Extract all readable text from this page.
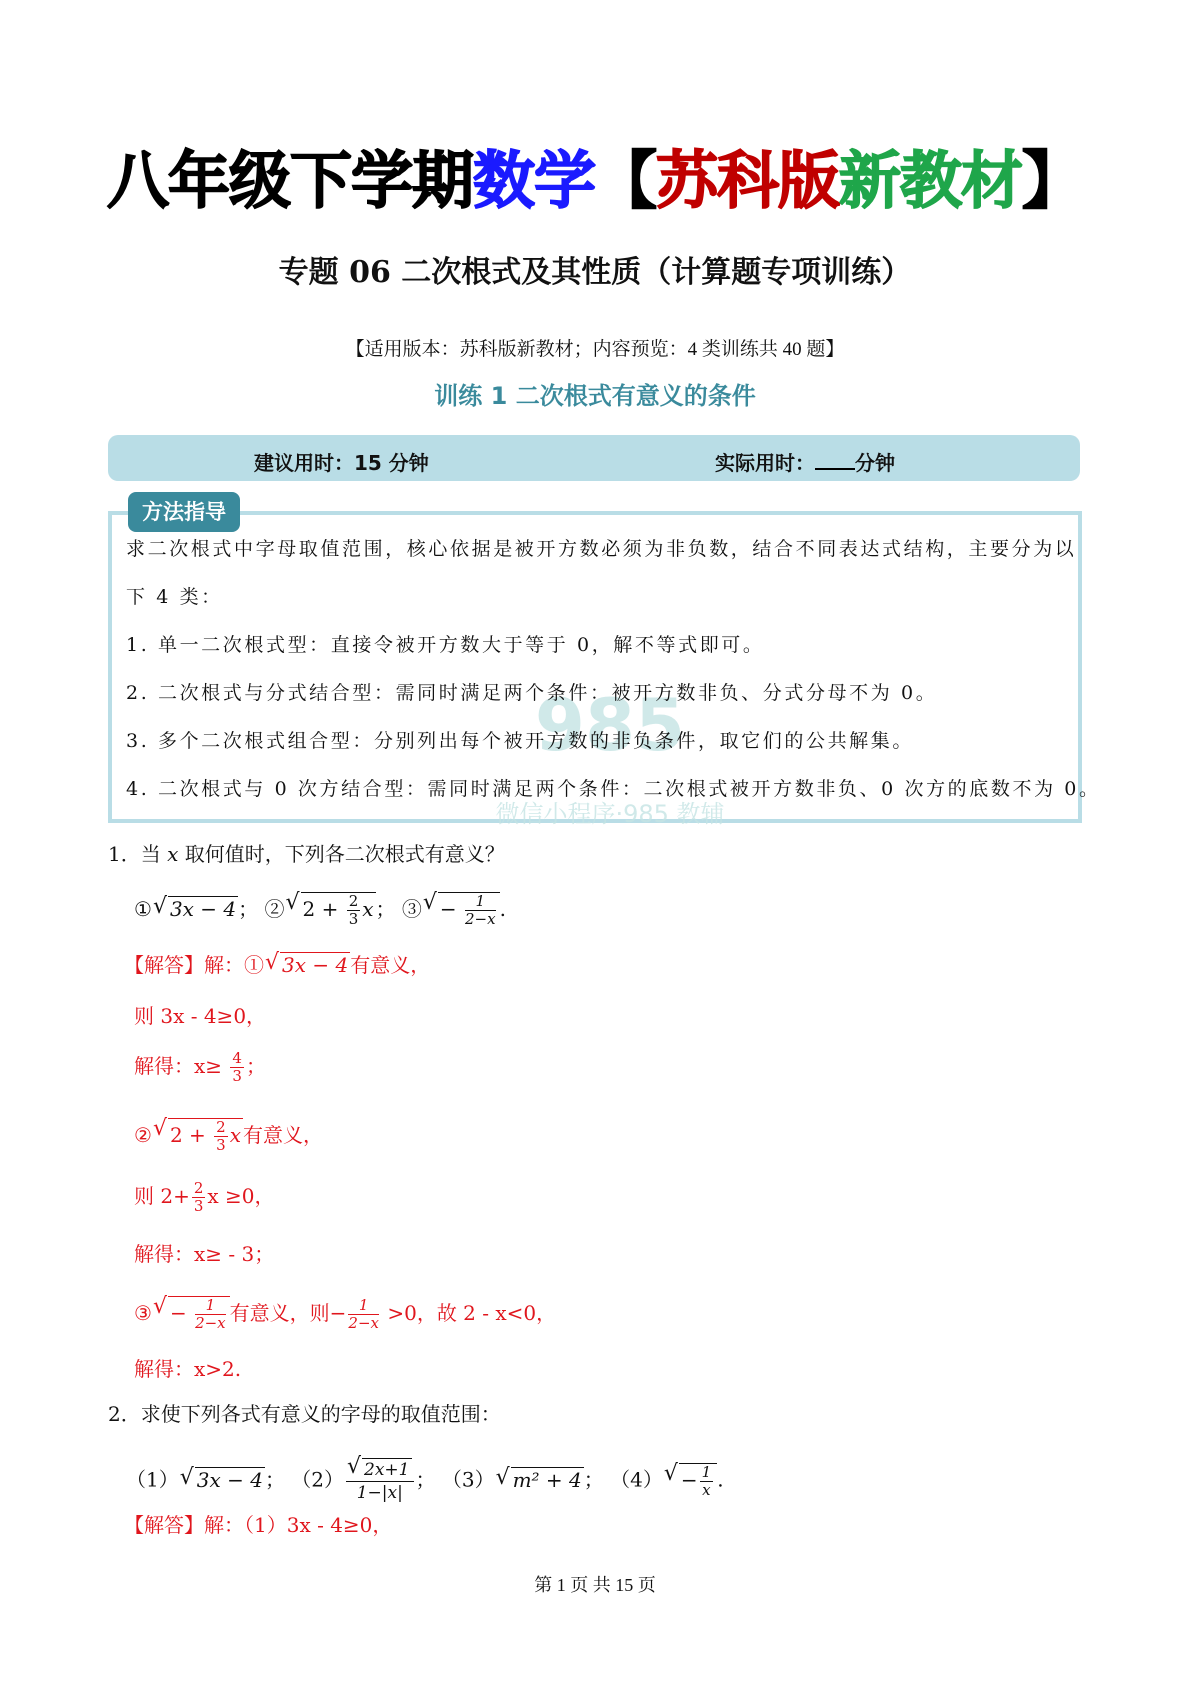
八年级下学期数学【苏科版新教材】
专题 06 二次根式及其性质（计算题专项训练）
【适用版本：苏科版新教材；内容预览：4 类训练共 40 题】
训练 1 二次根式有意义的条件
建议用时：15 分钟	实际用时： 分钟
985
微信小程序·985 教辅
方法指导
求二次根式中字母取值范围，核心依据是被开方数必须为非负数，结合不同表达式结构，主要分为以
下 4 类：
1. 单一二次根式型：直接令被开方数大于等于 0，解不等式即可。
2. 二次根式与分式结合型：需同时满足两个条件：被开方数非负、分式分母不为 0。
3. 多个二次根式组合型：分别列出每个被开方数的非负条件，取它们的公共解集。
4. 二次根式与 0 次方结合型：需同时满足两个条件：二次根式被开方数非负、0 次方的底数不为 0。
1．当 x 取何值时，下列各二次根式有意义？
① √ 3x − 4 ； ② √ $2 + \frac{2}{3}$ x ； ③ √ − $\frac{1}{2-x}$ .
【解答】解：① √ 3x − 4 有意义，
则 3x - 4≥0，
解得：$x\ge \frac{4}{3}$ ；
② √ $2 + \frac{2}{3}$ x 有意义，
则 $2+ \frac{2}{3}$ x ≥0，
解得：x≥ - 3；
③ √ − $\frac{1}{2-x}$ 有意义，则− $\frac{1}{2-x} >0$，故 2 - x<0，
解得：x>2.
2．求使下列各式有意义的字母的取值范围：
（1） √ 3x − 4 ； （2） √ $\frac{2x+1}{1-|x|}$ ； （3） √ m² + 4 ； （4） √ − $\frac{1}{x}$ .
【解答】解：（1）3x - 4≥0，
第 1 页 共 15 页
